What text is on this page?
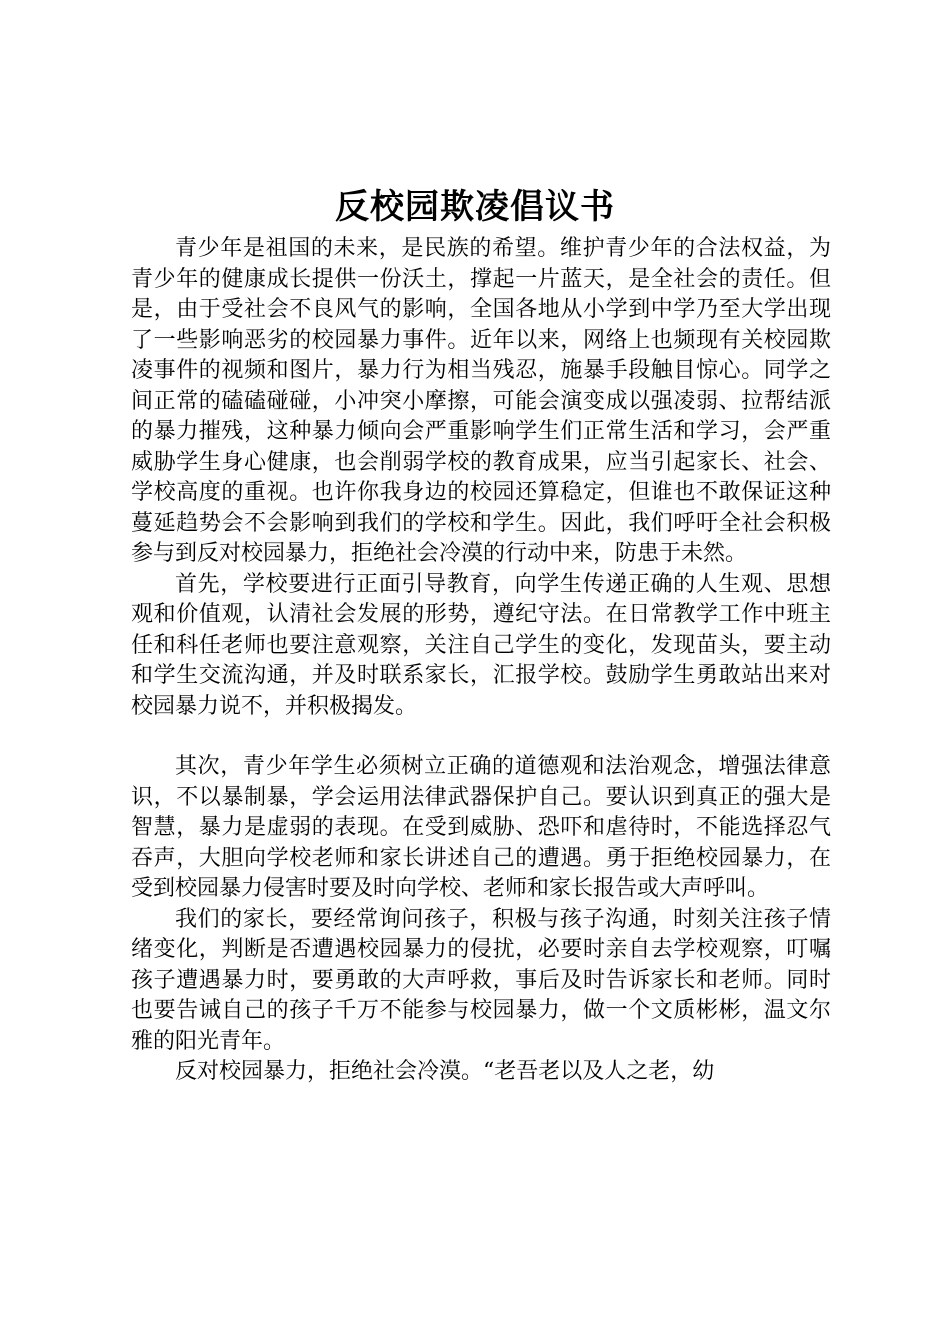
反校园欺凌倡议书

青少年是祖国的未来，是民族的希望。维护青少年的合法权益，为青少年的健康成长提供一份沃土，撑起一片蓝天，是全社会的责任。但是，由于受社会不良风气的影响，全国各地从小学到中学乃至大学出现了一些影响恶劣的校园暴力事件。近年以来，网络上也频现有关校园欺凌事件的视频和图片，暴力行为相当残忍，施暴手段触目惊心。同学之间正常的磕磕碰碰，小冲突小摩擦，可能会演变成以强凌弱、拉帮结派的暴力摧残，这种暴力倾向会严重影响学生们正常生活和学习，会严重威胁学生身心健康，也会削弱学校的教育成果，应当引起家长、社会、学校高度的重视。也许你我身边的校园还算稳定，但谁也不敢保证这种蔓延趋势会不会影响到我们的学校和学生。因此，我们呼吁全社会积极参与到反对校园暴力，拒绝社会冷漠的行动中来，防患于未然。

首先，学校要进行正面引导教育，向学生传递正确的人生观、思想观和价值观，认清社会发展的形势，遵纪守法。在日常教学工作中班主任和科任老师也要注意观察，关注自己学生的变化，发现苗头，要主动和学生交流沟通，并及时联系家长，汇报学校。鼓励学生勇敢站出来对校园暴力说不，并积极揭发。

其次，青少年学生必须树立正确的道德观和法治观念，增强法律意识，不以暴制暴，学会运用法律武器保护自己。要认识到真正的强大是智慧，暴力是虚弱的表现。在受到威胁、恐吓和虐待时，不能选择忍气吞声，大胆向学校老师和家长讲述自己的遭遇。勇于拒绝校园暴力，在受到校园暴力侵害时要及时向学校、老师和家长报告或大声呼叫。

我们的家长，要经常询问孩子，积极与孩子沟通，时刻关注孩子情绪变化，判断是否遭遇校园暴力的侵扰，必要时亲自去学校观察，叮嘱孩子遭遇暴力时，要勇敢的大声呼救，事后及时告诉家长和老师。同时也要告诫自己的孩子千万不能参与校园暴力，做一个文质彬彬，温文尔雅的阳光青年。

反对校园暴力，拒绝社会冷漠。“老吾老以及人之老，幼
